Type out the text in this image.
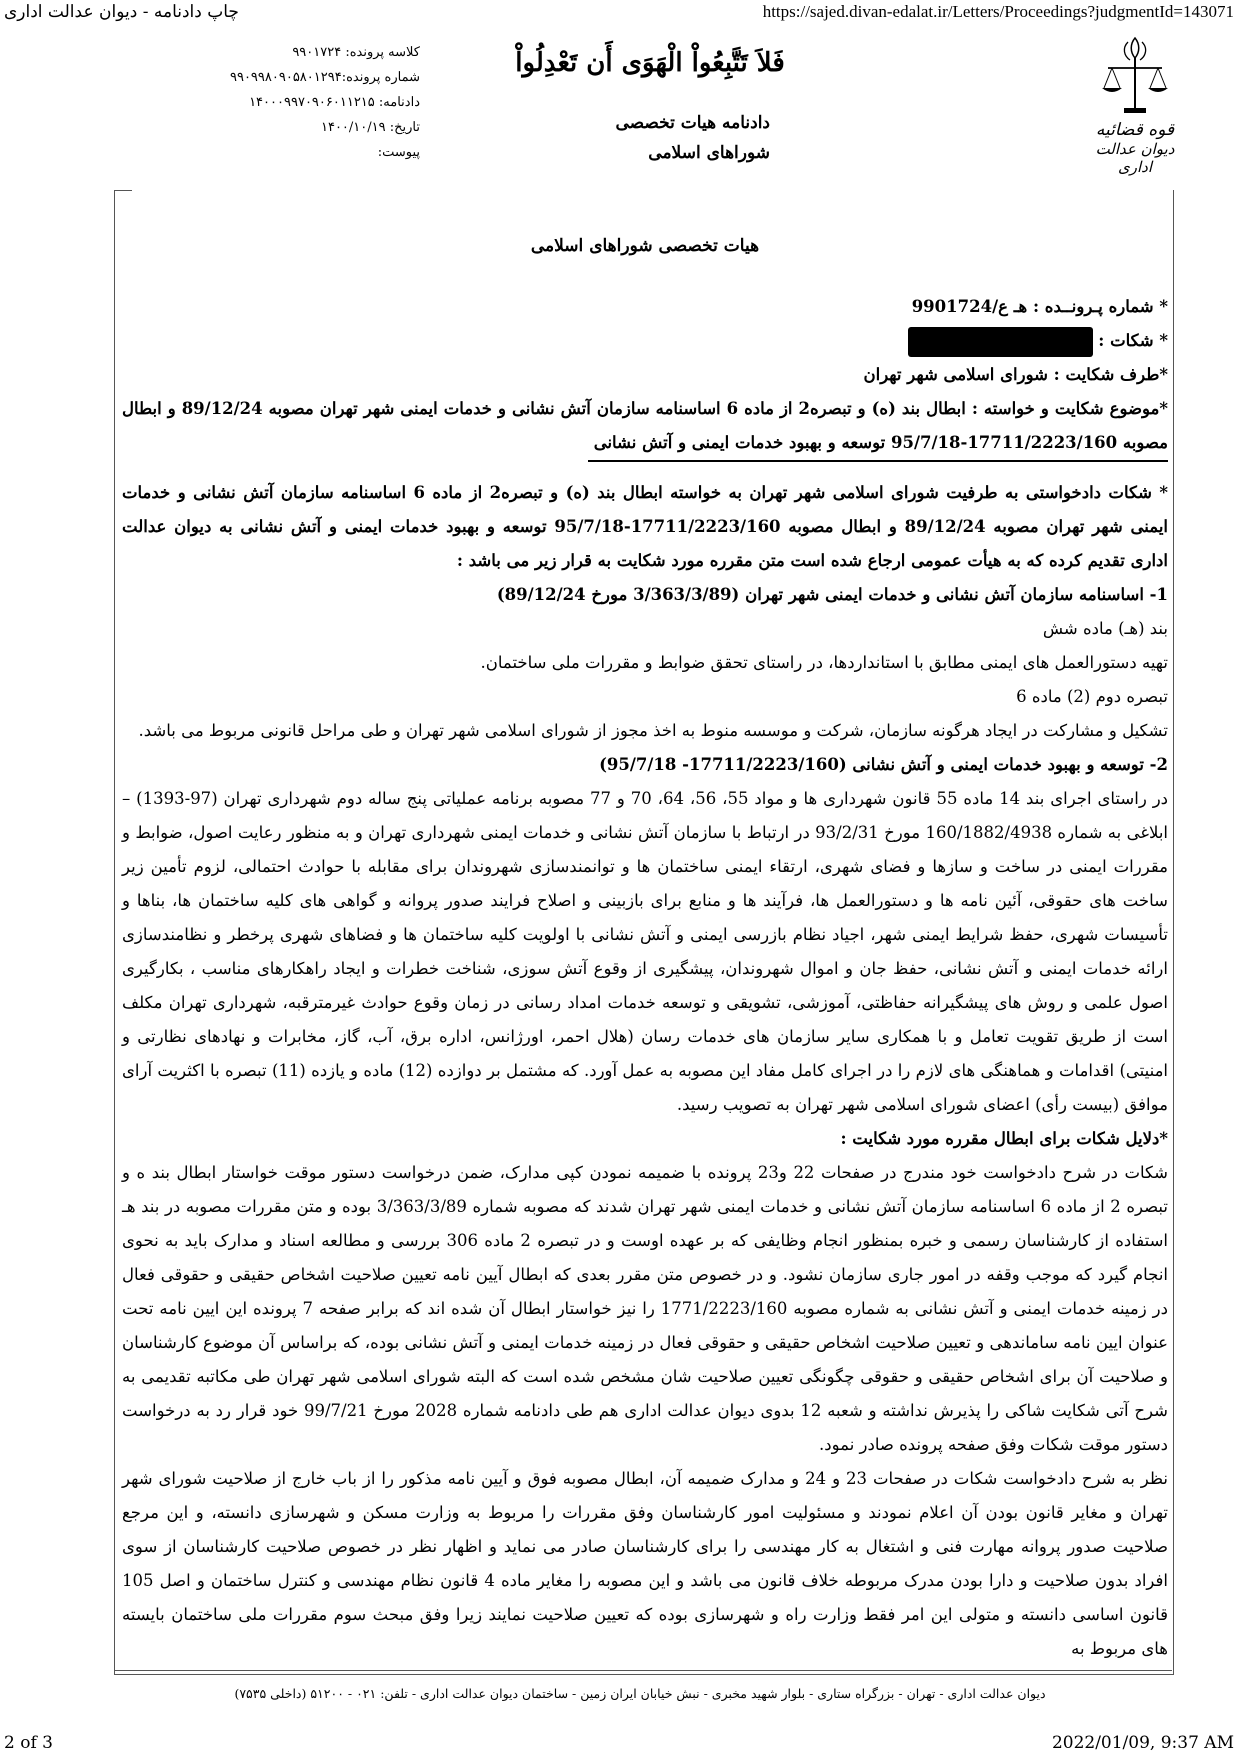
چاپ دادنامه - دیوان عدالت اداری	https://sajed.divan-edalat.ir/Letters/Proceedings?judgmentId=143071
قوه قضائیه
دیوان عدالت اداری
فَلاَ تَتَّبِعُواْ الْهَوَى أَن تَعْدِلُواْ
دادنامه هیات تخصصی
شوراهای اسلامی
کلاسه پرونده: ۹۹۰۱۷۲۴
شماره پرونده:۹۹۰۹۹۸۰۹۰۵۸۰۱۲۹۴
دادنامه: ۱۴۰۰۰۹۹۷۰۹۰۶۰۱۱۲۱۵
تاریخ: ۱۴۰۰/۱۰/۱۹
پیوست:
هیات تخصصی شوراهای اسلامی
* شماره پـرونــده : هـ ع/9901724
* شکات :
*طرف شکایت : شورای اسلامی شهر تهران

*موضوع شکایت و خواسته : ابطال بند (ه) و تبصره2 از ماده 6 اساسنامه سازمان آتش نشانی و خدمات ایمنی شهر تهران مصوبه 89/12/24 و ابطال مصوبه 17711/2223/160-95/7/18 توسعه و بهبود خدمات ایمنی و آتش نشانی

* شکات دادخواستی به طرفیت شورای اسلامی شهر تهران به خواسته ابطال بند (ه) و تبصره2 از ماده 6 اساسنامه سازمان آتش نشانی و خدمات ایمنی شهر تهران مصوبه 89/12/24 و ابطال مصوبه 17711/2223/160-95/7/18 توسعه و بهبود خدمات ایمنی و آتش نشانی به دیوان عدالت اداری تقدیم کرده که به هیأت عمومی ارجاع شده است متن مقرره مورد شکایت به قرار زیر می باشد :

1- اساسنامه سازمان آتش نشانی و خدمات ایمنی شهر تهران (3/363/3/89 مورخ 89/12/24)
بند (هـ) ماده شش
تهیه دستورالعمل های ایمنی مطابق با استانداردها، در راستای تحقق ضوابط و مقررات ملی ساختمان.
تبصره دوم (2) ماده 6
تشکیل و مشارکت در ایجاد هرگونه سازمان، شرکت و موسسه منوط به اخذ مجوز از شورای اسلامی شهر تهران و طی مراحل قانونی مربوط می باشد.
2- توسعه و بهبود خدمات ایمنی و آتش نشانی (17711/2223/160- 95/7/18)

در راستای اجرای بند 14 ماده 55 قانون شهرداری ها و مواد 55، 56، 64، 70 و 77 مصوبه برنامه عملیاتی پنج ساله دوم شهرداری تهران (97-1393) – ابلاغی به شماره 160/1882/4938 مورخ 93/2/31 در ارتباط با سازمان آتش نشانی و خدمات ایمنی شهرداری تهران و به منظور رعایت اصول، ضوابط و مقررات ایمنی در ساخت و سازها و فضای شهری، ارتقاء ایمنی ساختمان ها و توانمندسازی شهروندان برای مقابله با حوادث احتمالی، لزوم تأمین زیر ساخت های حقوقی، آئین نامه ها و دستورالعمل ها، فرآیند ها و منابع برای بازبینی و اصلاح فرایند صدور پروانه و گواهی های کلیه ساختمان ها، بناها و تأسیسات شهری، حفظ شرایط ایمنی شهر، اجیاد نظام بازرسی ایمنی و آتش نشانی با اولویت کلیه ساختمان ها و فضاهای شهری پرخطر و نظامندسازی ارائه خدمات ایمنی و آتش نشانی، حفظ جان و اموال شهروندان، پیشگیری از وقوع آتش سوزی، شناخت خطرات و ایجاد راهکارهای مناسب ، بکارگیری اصول علمی و روش های پیشگیرانه حفاظتی، آموزشی، تشویقی و توسعه خدمات امداد رسانی در زمان وقوع حوادث غیرمترقبه، شهرداری تهران مکلف است از طریق تقویت تعامل و با همکاری سایر سازمان های خدمات رسان (هلال احمر، اورژانس، اداره برق، آب، گاز، مخابرات و نهادهای نظارتی و امنیتی) اقدامات و هماهنگی های لازم را در اجرای کامل مفاد این مصوبه به عمل آورد. که مشتمل بر دوازده (12) ماده و یازده (11) تبصره با اکثریت آرای موافق (بیست رأی) اعضای شورای اسلامی شهر تهران به تصویب رسید.

*دلایل شکات برای ابطال مقرره مورد شکایت :

شکات در شرح دادخواست خود مندرج در صفحات 22 و23 پرونده با ضمیمه نمودن کپی مدارک، ضمن درخواست دستور موقت خواستار ابطال بند ه و تبصره 2 از ماده 6 اساسنامه سازمان آتش نشانی و خدمات ایمنی شهر تهران شدند که مصوبه شماره 3/363/3/89 بوده و متن مقررات مصوبه در بند هـ استفاده از کارشناسان رسمی و خبره بمنظور انجام وظایفی که بر عهده اوست و در تبصره 2 ماده 306 بررسی و مطالعه اسناد و مدارک باید به نحوی انجام گیرد که موجب وقفه در امور جاری سازمان نشود. و در خصوص متن مقرر بعدی که ابطال آیین نامه تعیین صلاحیت اشخاص حقیقی و حقوقی فعال در زمینه خدمات ایمنی و آتش نشانی به شماره مصوبه 1771/2223/160 را نیز خواستار ابطال آن شده اند که برابر صفحه 7 پرونده این ایین نامه تحت عنوان ایین نامه ساماندهی و تعیین صلاحیت اشخاص حقیقی و حقوقی فعال در زمینه خدمات ایمنی و آتش نشانی بوده، که براساس آن موضوع کارشناسان و صلاحیت آن برای اشخاص حقیقی و حقوقی چگونگی تعیین صلاحیت شان مشخص شده است که البته شورای اسلامی شهر تهران طی مکاتبه تقدیمی به شرح آتی شکایت شاکی را پذیرش نداشته و شعبه 12 بدوی دیوان عدالت اداری هم طی دادنامه شماره 2028 مورخ 99/7/21 خود قرار رد به درخواست دستور موقت شکات وفق صفحه پرونده صادر نمود.

نظر به شرح دادخواست شکات در صفحات 23 و 24 و مدارک ضمیمه آن، ابطال مصوبه فوق و آیین نامه مذکور را از باب خارج از صلاحیت شورای شهر تهران و مغایر قانون بودن آن اعلام نمودند و مسئولیت امور کارشناسان وفق مقررات را مربوط به وزارت مسکن و شهرسازی دانسته، و این مرجع صلاحیت صدور پروانه مهارت فنی و اشتغال به کار مهندسی را برای کارشناسان صادر می نماید و اظهار نظر در خصوص صلاحیت کارشناسان از سوی افراد بدون صلاحیت و دارا بودن مدرک مربوطه خلاف قانون می باشد و این مصوبه را مغایر ماده 4 قانون نظام مهندسی و کنترل ساختمان و اصل 105 قانون اساسی دانسته و متولی این امر فقط وزارت راه و شهرسازی بوده که تعیین صلاحیت نمایند زیرا وفق مبحث سوم مقررات ملی ساختمان بایسته های مربوط به

دیوان عدالت اداری - تهران - بزرگراه ستاری - بلوار شهید مخبری - نبش خیابان ایران زمین - ساختمان دیوان عدالت اداری - تلفن: ۰۲۱ - ۵۱۲۰۰ (داخلی ۷۵۳۵)
2 of 3	2022/01/09, 9:37 AM
